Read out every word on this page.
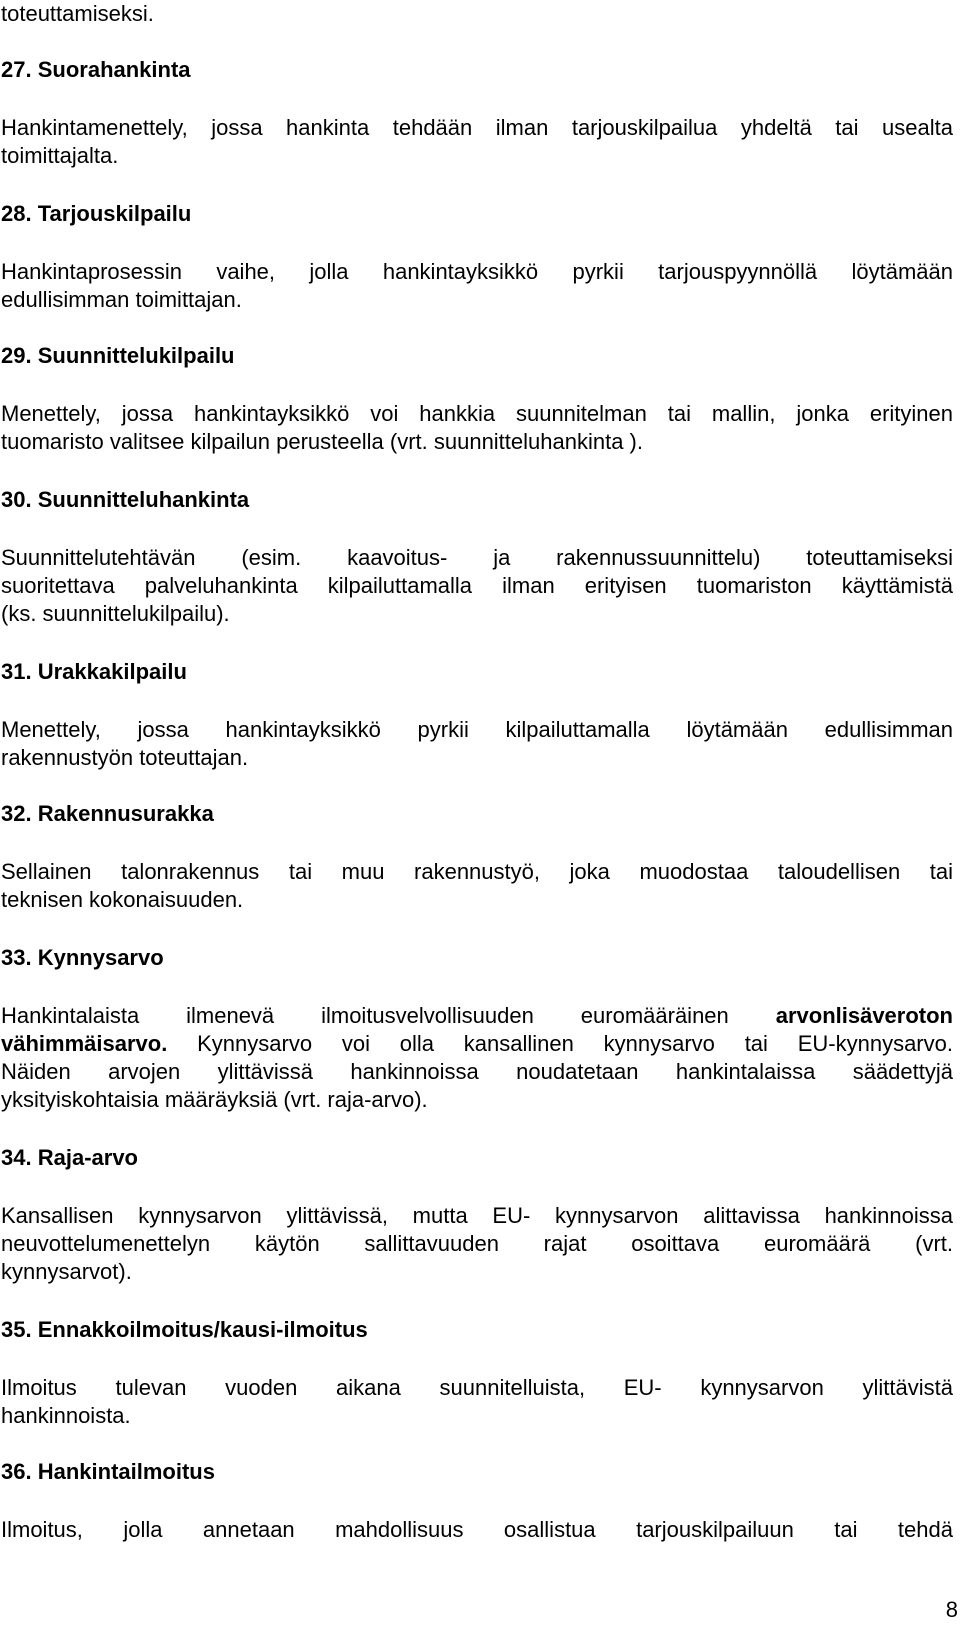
toteuttamiseksi.

27. Suorahankinta

Hankintamenettely, jossa hankinta tehdään ilman tarjouskilpailua yhdeltä tai usealta

toimittajalta.

28. Tarjouskilpailu

Hankintaprosessin vaihe, jolla hankintayksikkö pyrkii tarjouspyynnöllä löytämään

edullisimman toimittajan.

29. Suunnittelukilpailu

Menettely, jossa hankintayksikkö voi hankkia suunnitelman tai mallin, jonka erityinen

tuomaristo valitsee kilpailun perusteella (vrt. suunnitteluhankinta ).

30. Suunnitteluhankinta

Suunnittelutehtävän (esim. kaavoitus- ja rakennussuunnittelu) toteuttamiseksi

suoritettava palveluhankinta kilpailuttamalla ilman erityisen tuomariston käyttämistä

(ks. suunnittelukilpailu).

31. Urakkakilpailu

Menettely, jossa hankintayksikkö pyrkii kilpailuttamalla löytämään edullisimman

rakennustyön toteuttajan.

32. Rakennusurakka

Sellainen talonrakennus tai muu rakennustyö, joka muodostaa taloudellisen tai

teknisen kokonaisuuden.

33. Kynnysarvo

Hankintalaista ilmenevä ilmoitusvelvollisuuden euromääräinen arvonlisäveroton

vähimmäisarvo. Kynnysarvo voi olla kansallinen kynnysarvo tai EU-kynnysarvo.

Näiden arvojen ylittävissä hankinnoissa noudatetaan hankintalaissa säädettyjä

yksityiskohtaisia määräyksiä (vrt. raja-arvo).

34. Raja-arvo

Kansallisen kynnysarvon ylittävissä, mutta EU- kynnysarvon alittavissa hankinnoissa

neuvottelumenettelyn käytön sallittavuuden rajat osoittava euromäärä (vrt.

kynnysarvot).

35. Ennakkoilmoitus/kausi-ilmoitus

Ilmoitus tulevan vuoden aikana suunnitelluista, EU- kynnysarvon ylittävistä

hankinnoista.

36. Hankintailmoitus

Ilmoitus, jolla annetaan mahdollisuus osallistua tarjouskilpailuun tai tehdä

8
